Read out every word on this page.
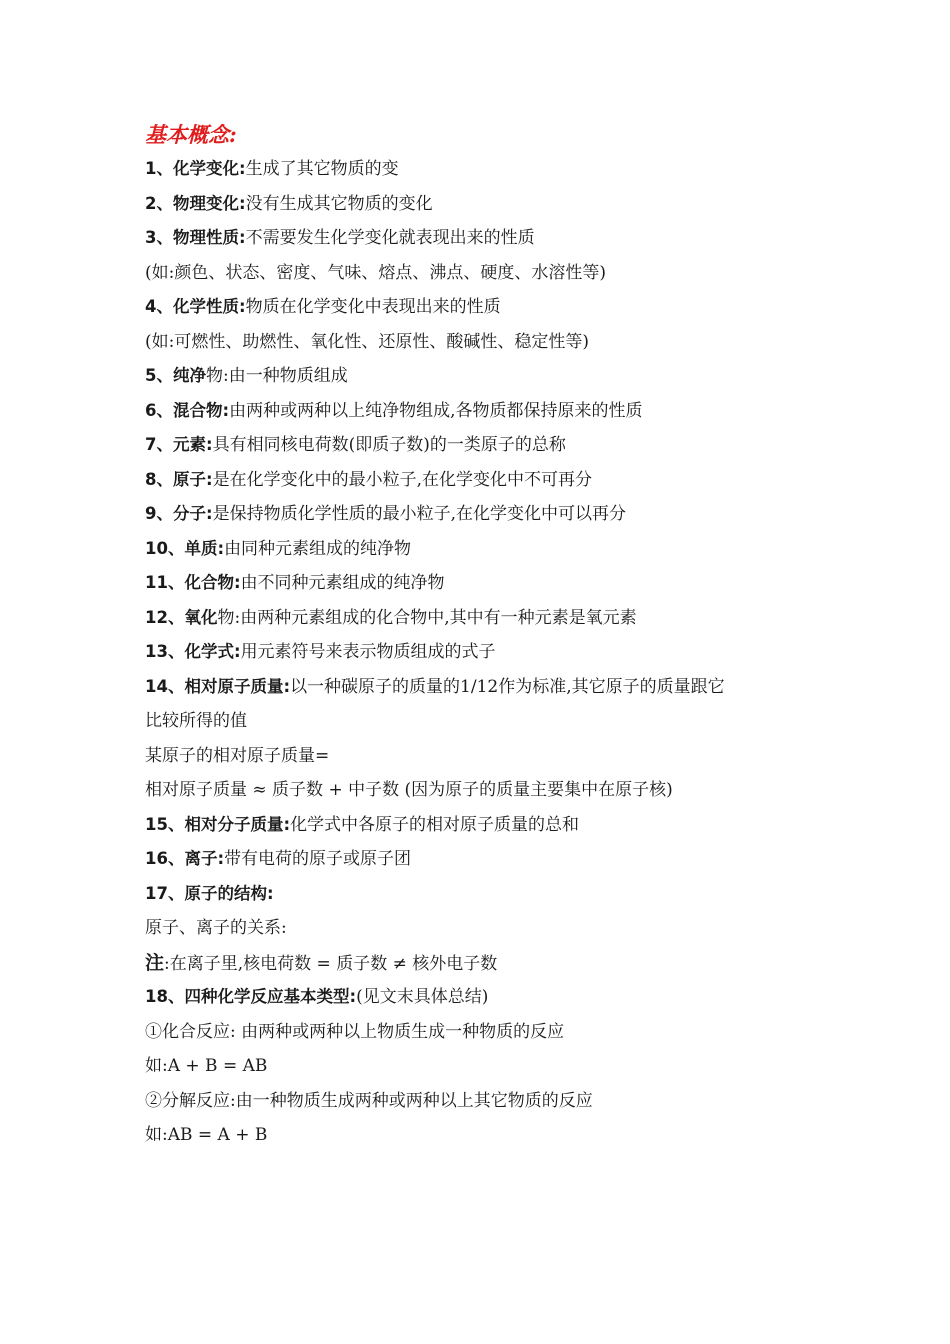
基本概念:
1、化学变化:生成了其它物质的变
2、物理变化:没有生成其它物质的变化
3、物理性质:不需要发生化学变化就表现出来的性质
(如:颜色、状态、密度、气味、熔点、沸点、硬度、水溶性等)
4、化学性质:物质在化学变化中表现出来的性质
(如:可燃性、助燃性、氧化性、还原性、酸碱性、稳定性等)
5、纯净物:由一种物质组成
6、混合物:由两种或两种以上纯净物组成,各物质都保持原来的性质
7、元素:具有相同核电荷数(即质子数)的一类原子的总称
8、原子:是在化学变化中的最小粒子,在化学变化中不可再分
9、分子:是保持物质化学性质的最小粒子,在化学变化中可以再分
10、单质:由同种元素组成的纯净物
11、化合物:由不同种元素组成的纯净物
12、氧化物:由两种元素组成的化合物中,其中有一种元素是氧元素
13、化学式:用元素符号来表示物质组成的式子
14、相对原子质量:以一种碳原子的质量的1/12作为标准,其它原子的质量跟它
比较所得的值
某原子的相对原子质量=
相对原子质量 ≈ 质子数 + 中子数 (因为原子的质量主要集中在原子核)
15、相对分子质量:化学式中各原子的相对原子质量的总和
16、离子:带有电荷的原子或原子团
17、原子的结构:
原子、离子的关系:
注:在离子里,核电荷数 = 质子数 ≠ 核外电子数
18、四种化学反应基本类型:(见文末具体总结)
①化合反应: 由两种或两种以上物质生成一种物质的反应
如:A + B = AB
②分解反应:由一种物质生成两种或两种以上其它物质的反应
如:AB = A + B
